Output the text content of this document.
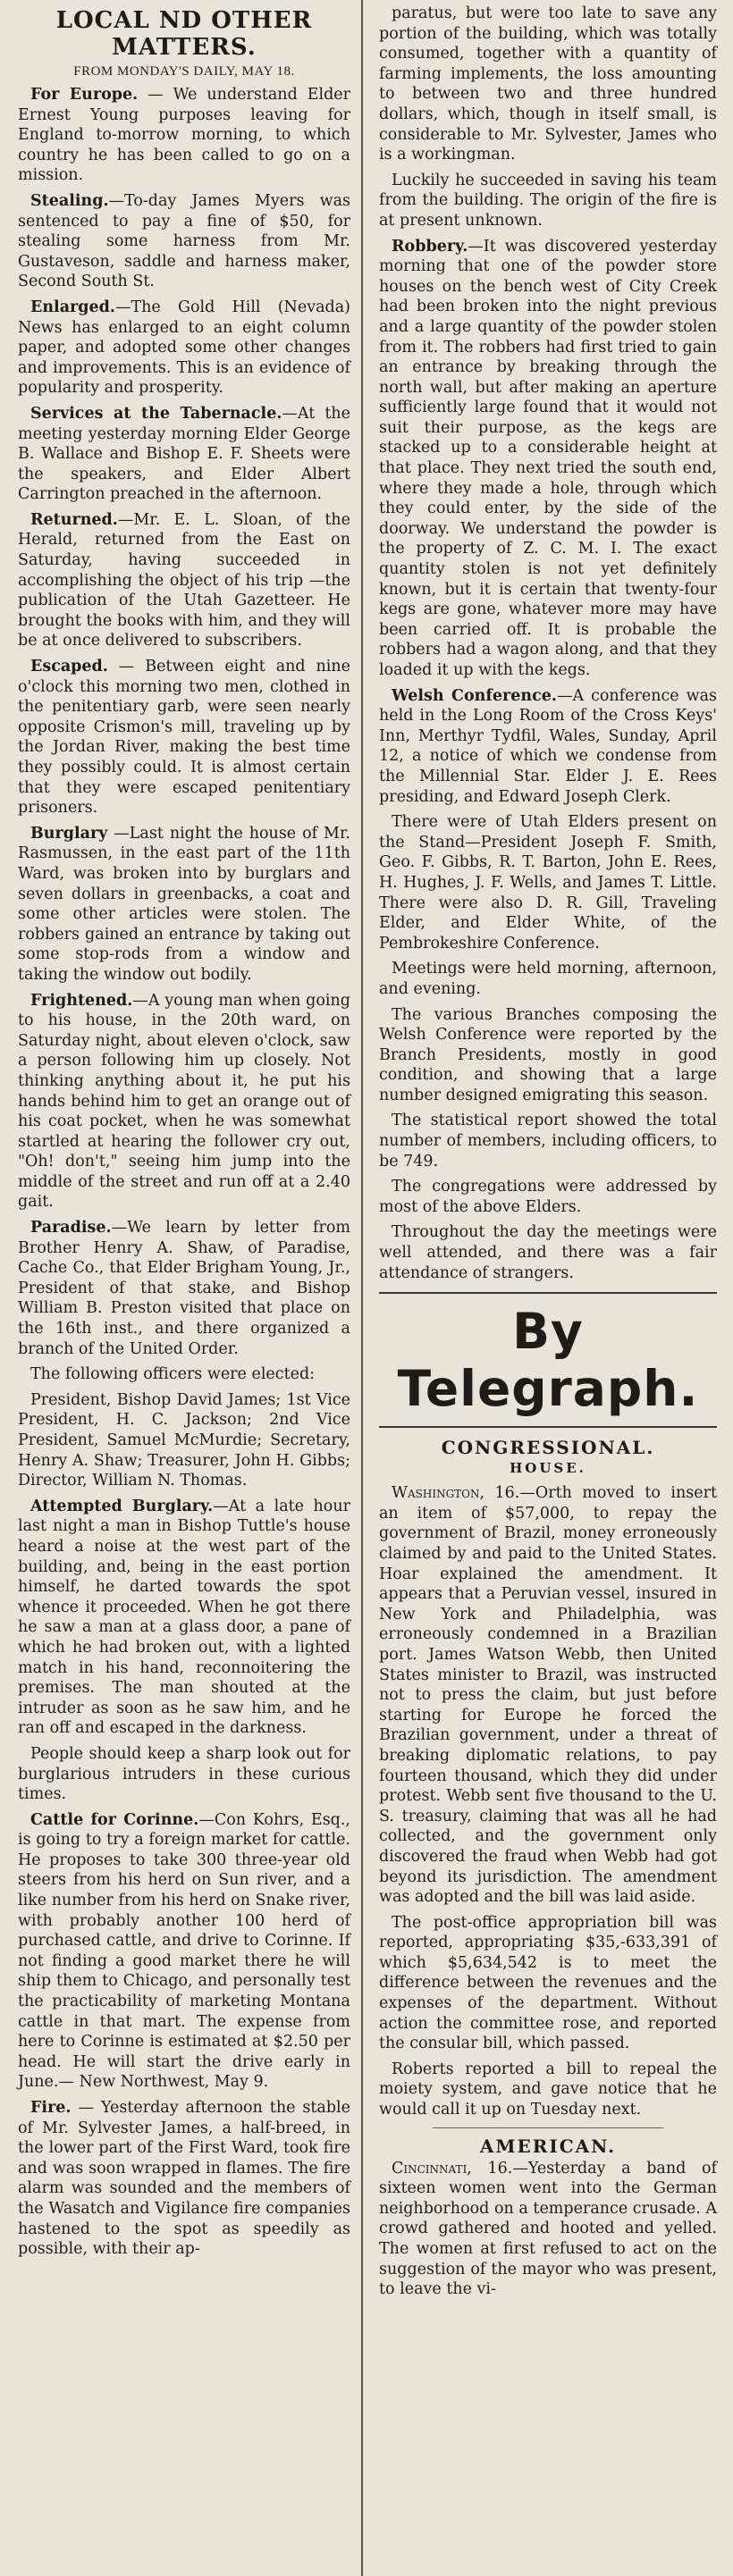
LOCAL ND OTHER MATTERS.
FROM MONDAY'S DAILY, MAY 18.

For Europe. — We understand Elder Ernest Young purposes leaving for England to-morrow morning, to which country he has been called to go on a mission.

Stealing.—To-day James Myers was sentenced to pay a fine of $50, for stealing some harness from Mr. Gustaveson, saddle and harness maker, Second South St.

Enlarged.—The Gold Hill (Nevada) News has enlarged to an eight column paper, and adopted some other changes and improvements. This is an evidence of popularity and prosperity.

Services at the Tabernacle.—At the meeting yesterday morning Elder George B. Wallace and Bishop E. F. Sheets were the speakers, and Elder Albert Carrington preached in the afternoon.

Returned.—Mr. E. L. Sloan, of the Herald, returned from the East on Saturday, having succeeded in accomplishing the object of his trip —the publication of the Utah Gazetteer. He brought the books with him, and they will be at once delivered to subscribers.

Escaped. — Between eight and nine o'clock this morning two men, clothed in the penitentiary garb, were seen nearly opposite Crismon's mill, traveling up by the Jordan River, making the best time they possibly could. It is almost certain that they were escaped penitentiary prisoners.

Burglary —Last night the house of Mr. Rasmussen, in the east part of the 11th Ward, was broken into by burglars and seven dollars in greenbacks, a coat and some other articles were stolen. The robbers gained an entrance by taking out some stop-rods from a window and taking the window out bodily.

Frightened.—A young man when going to his house, in the 20th ward, on Saturday night, about eleven o'clock, saw a person following him up closely. Not thinking anything about it, he put his hands behind him to get an orange out of his coat pocket, when he was somewhat startled at hearing the follower cry out, "Oh! don't," seeing him jump into the middle of the street and run off at a 2.40 gait.

Paradise.—We learn by letter from Brother Henry A. Shaw, of Paradise, Cache Co., that Elder Brigham Young, Jr., President of that stake, and Bishop William B. Preston visited that place on the 16th inst., and there organized a branch of the United Order.

The following officers were elected:

President, Bishop David James; 1st Vice President, H. C. Jackson; 2nd Vice President, Samuel McMurdie; Secretary, Henry A. Shaw; Treasurer, John H. Gibbs; Director, William N. Thomas.

Attempted Burglary.—At a late hour last night a man in Bishop Tuttle's house heard a noise at the west part of the building, and, being in the east portion himself, he darted towards the spot whence it proceeded. When he got there he saw a man at a glass door, a pane of which he had broken out, with a lighted match in his hand, reconnoitering the premises. The man shouted at the intruder as soon as he saw him, and he ran off and escaped in the darkness.

People should keep a sharp look out for burglarious intruders in these curious times.

Cattle for Corinne.—Con Kohrs, Esq., is going to try a foreign market for cattle. He proposes to take 300 three-year old steers from his herd on Sun river, and a like number from his herd on Snake river, with probably another 100 herd of purchased cattle, and drive to Corinne. If not finding a good market there he will ship them to Chicago, and personally test the practicability of marketing Montana cattle in that mart. The expense from here to Corinne is estimated at $2.50 per head. He will start the drive early in June.— New Northwest, May 9.

Fire. — Yesterday afternoon the stable of Mr. Sylvester James, a half-breed, in the lower part of the First Ward, took fire and was soon wrapped in flames. The fire alarm was sounded and the members of the Wasatch and Vigilance fire companies hastened to the spot as speedily as possible, with their ap-

paratus, but were too late to save any portion of the building, which was totally consumed, together with a quantity of farming implements, the loss amounting to between two and three hundred dollars, which, though in itself small, is considerable to Mr. Sylvester, James who is a workingman.

Luckily he succeeded in saving his team from the building. The origin of the fire is at present unknown.

Robbery.—It was discovered yesterday morning that one of the powder store houses on the bench west of City Creek had been broken into the night previous and a large quantity of the powder stolen from it. The robbers had first tried to gain an entrance by breaking through the north wall, but after making an aperture sufficiently large found that it would not suit their purpose, as the kegs are stacked up to a considerable height at that place. They next tried the south end, where they made a hole, through which they could enter, by the side of the doorway. We understand the powder is the property of Z. C. M. I. The exact quantity stolen is not yet definitely known, but it is certain that twenty-four kegs are gone, whatever more may have been carried off. It is probable the robbers had a wagon along, and that they loaded it up with the kegs.

Welsh Conference.—A conference was held in the Long Room of the Cross Keys' Inn, Merthyr Tydfil, Wales, Sunday, April 12, a notice of which we condense from the Millennial Star. Elder J. E. Rees presiding, and Edward Joseph Clerk.

There were of Utah Elders present on the Stand—President Joseph F. Smith, Geo. F. Gibbs, R. T. Barton, John E. Rees, H. Hughes, J. F. Wells, and James T. Little. There were also D. R. Gill, Traveling Elder, and Elder White, of the Pembrokeshire Conference.

Meetings were held morning, afternoon, and evening.

The various Branches composing the Welsh Conference were reported by the Branch Presidents, mostly in good condition, and showing that a large number designed emigrating this season.

The statistical report showed the total number of members, including officers, to be 749.

The congregations were addressed by most of the above Elders.

Throughout the day the meetings were well attended, and there was a fair attendance of strangers.

By Telegraph.
CONGRESSIONAL.
HOUSE.

Washington, 16.—Orth moved to insert an item of $57,000, to repay the government of Brazil, money erroneously claimed by and paid to the United States. Hoar explained the amendment. It appears that a Peruvian vessel, insured in New York and Philadelphia, was erroneously condemned in a Brazilian port. James Watson Webb, then United States minister to Brazil, was instructed not to press the claim, but just before starting for Europe he forced the Brazilian government, under a threat of breaking diplomatic relations, to pay fourteen thousand, which they did under protest. Webb sent five thousand to the U. S. treasury, claiming that was all he had collected, and the government only discovered the fraud when Webb had got beyond its jurisdiction. The amendment was adopted and the bill was laid aside.

The post-office appropriation bill was reported, appropriating $35,-633,391 of which $5,634,542 is to meet the difference between the revenues and the expenses of the department. Without action the committee rose, and reported the consular bill, which passed.

Roberts reported a bill to repeal the moiety system, and gave notice that he would call it up on Tuesday next.

AMERICAN.

Cincinnati, 16.—Yesterday a band of sixteen women went into the German neighborhood on a temperance crusade. A crowd gathered and hooted and yelled. The women at first refused to act on the suggestion of the mayor who was present, to leave the vi-
